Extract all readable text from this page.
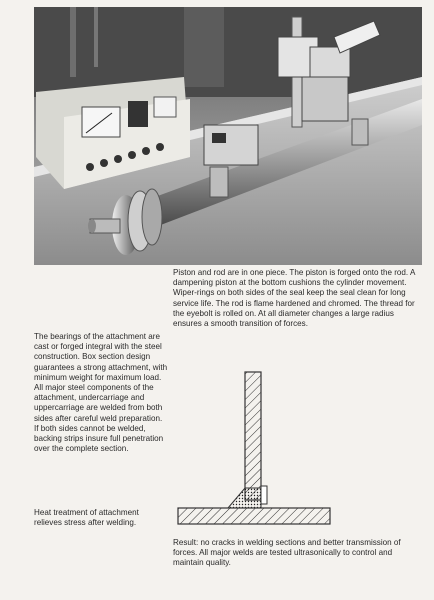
Piston and rod are in one piece. The piston is forged onto the rod. A dampening piston at the bottom cushions the cylinder movement. Wiper-rings on both sides of the seal keep the seal clean for long service life. The rod is flame hardened and chromed. The thread for the eyebolt is rolled on. At all diameter changes a large radius ensures a smooth transition of forces.

The bearings of the attachment are cast or forged integral with the steel construction. Box section design guarantees a strong attachment, with minimum weight for maximum load.

All major steel components of the attachment, undercarriage and uppercarriage are welded from both sides after careful weld preparation.

If both sides cannot be welded, backing strips insure full penetration over the complete section.

Heat treatment of attachment relieves stress after welding.

Result: no cracks in welding sections and better transmission of forces. All major welds are tested ultrasonically to control and maintain quality.
